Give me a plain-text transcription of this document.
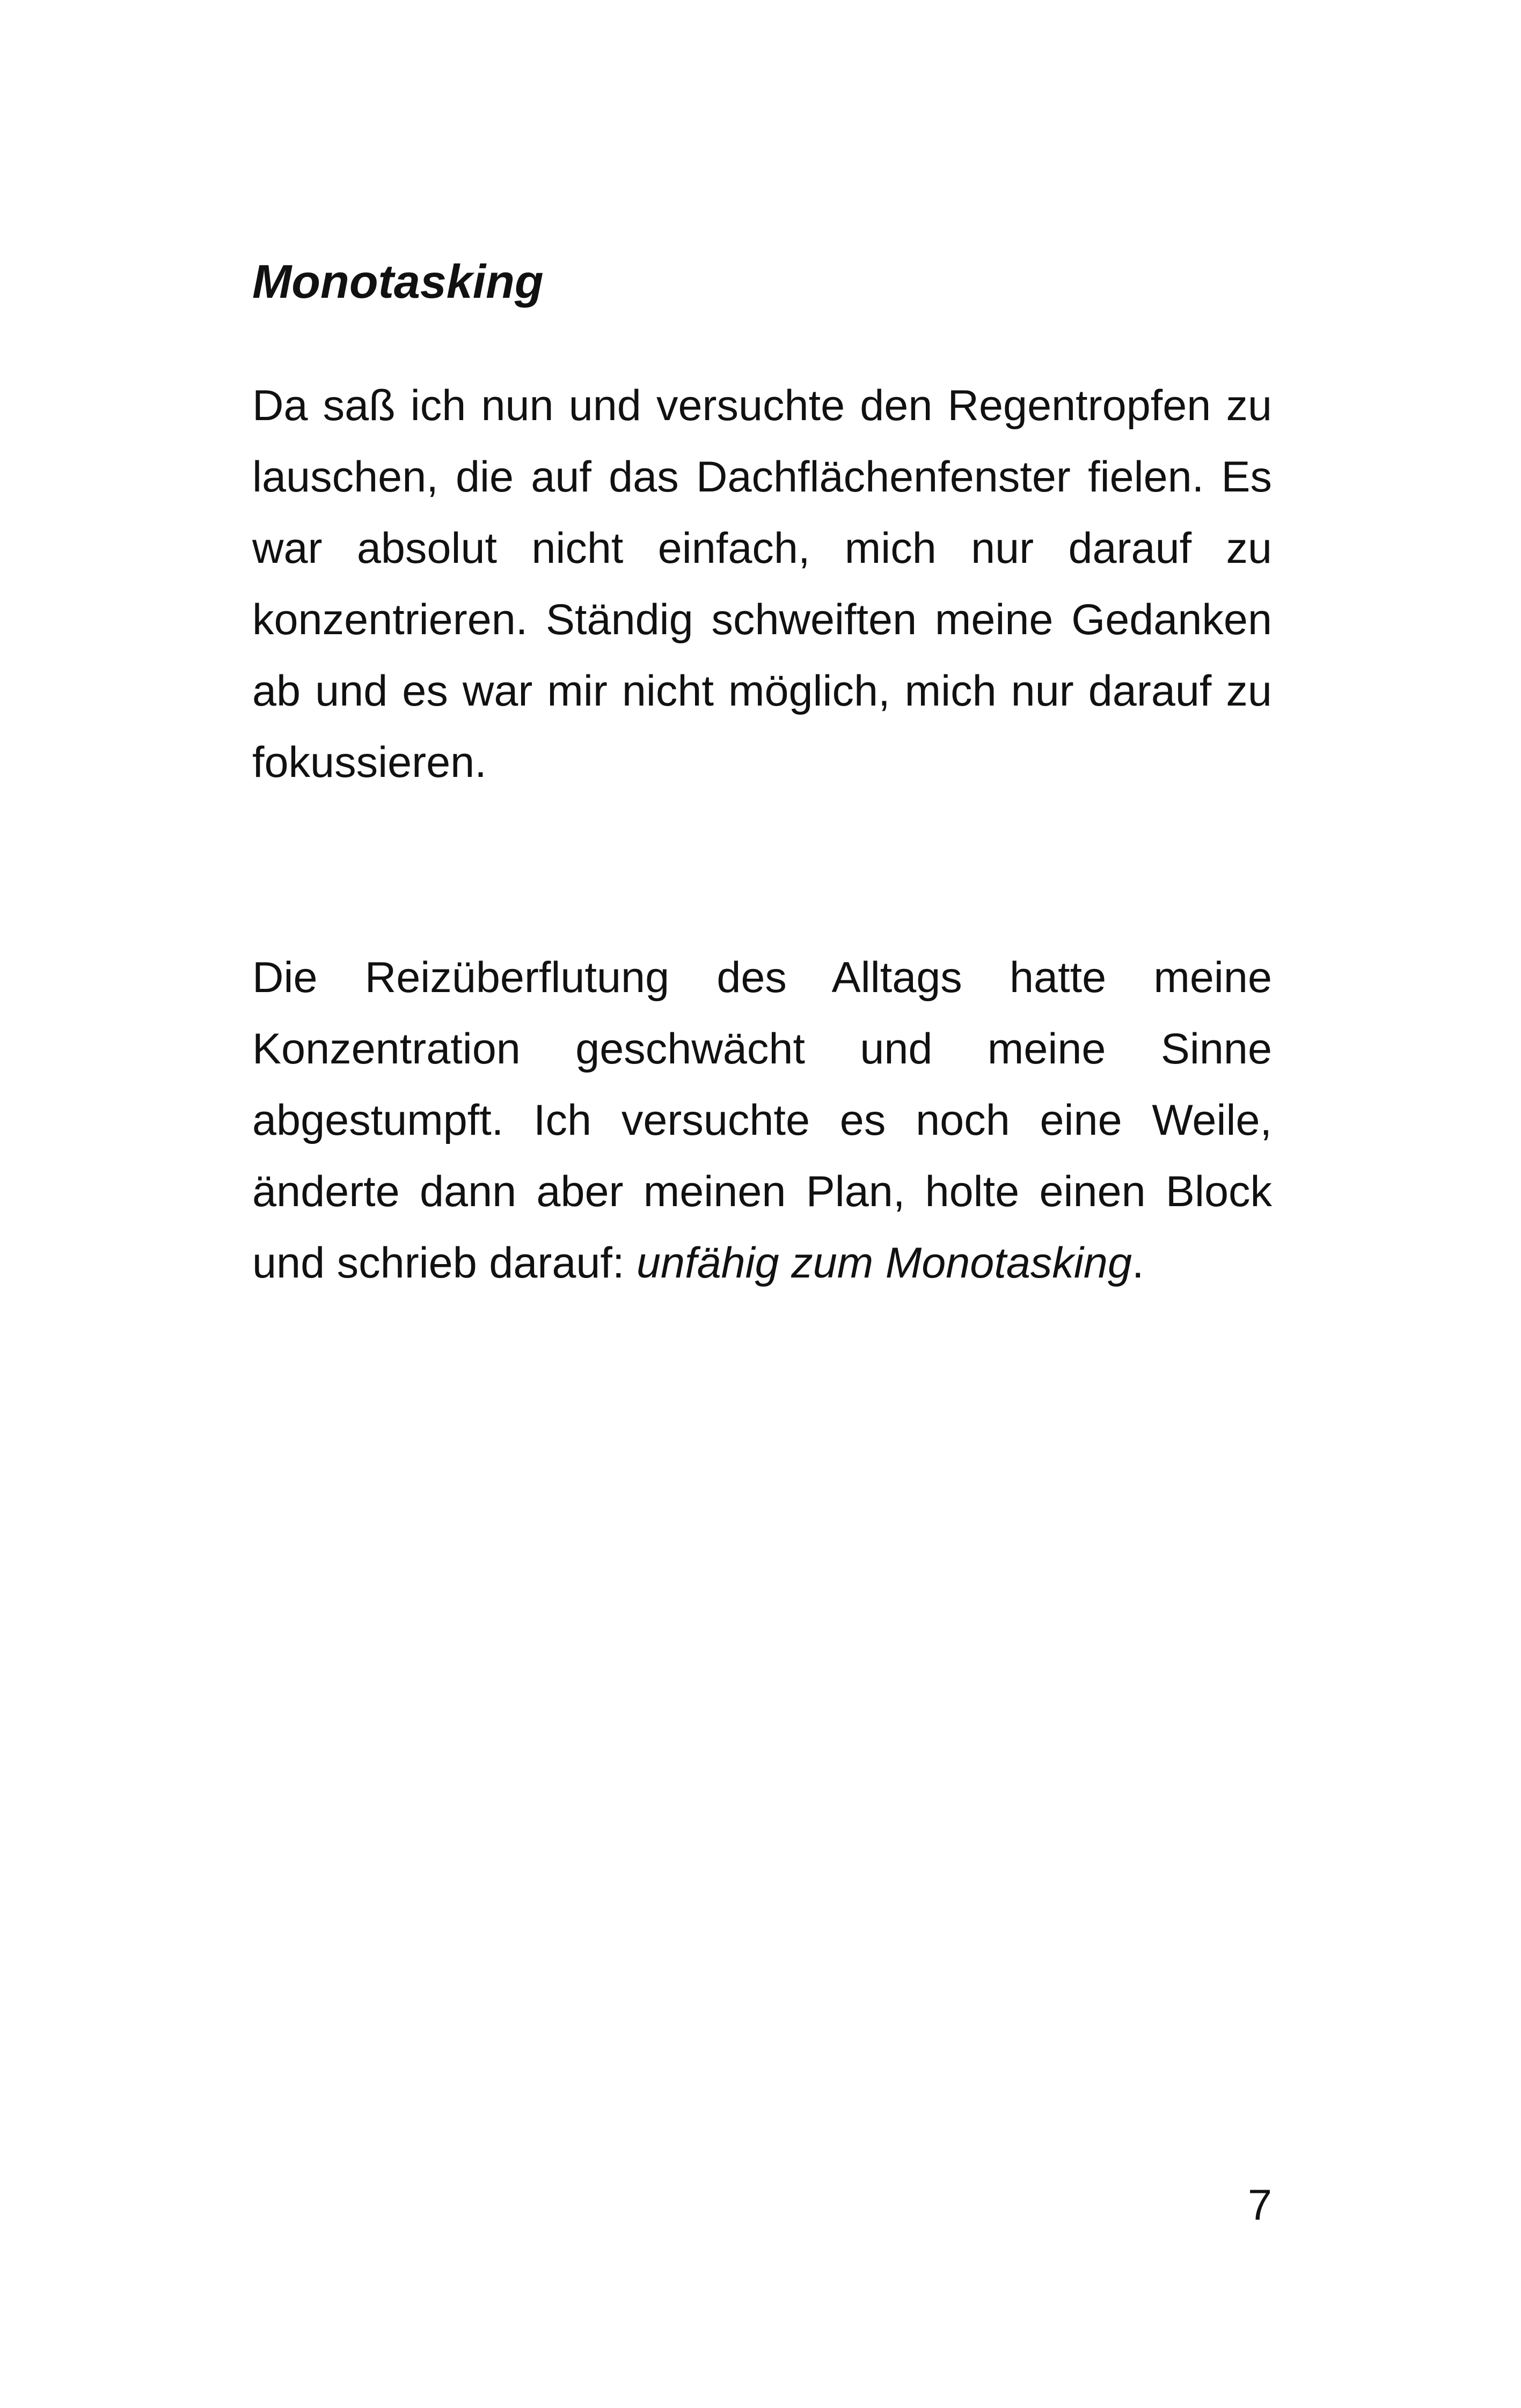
Monotasking

Da saß ich nun und versuchte den Regentropfen zu lauschen, die auf das Dachflächenfenster fielen. Es war absolut nicht einfach, mich nur darauf zu konzentrieren. Ständig schweiften meine Gedanken ab und es war mir nicht möglich, mich nur darauf zu fokussieren.

Die Reizüberflutung des Alltags hatte meine Konzentration geschwächt und meine Sinne abgestumpft. Ich versuchte es noch eine Weile, änderte dann aber meinen Plan, holte einen Block und schrieb darauf: unfähig zum Monotasking.

7
